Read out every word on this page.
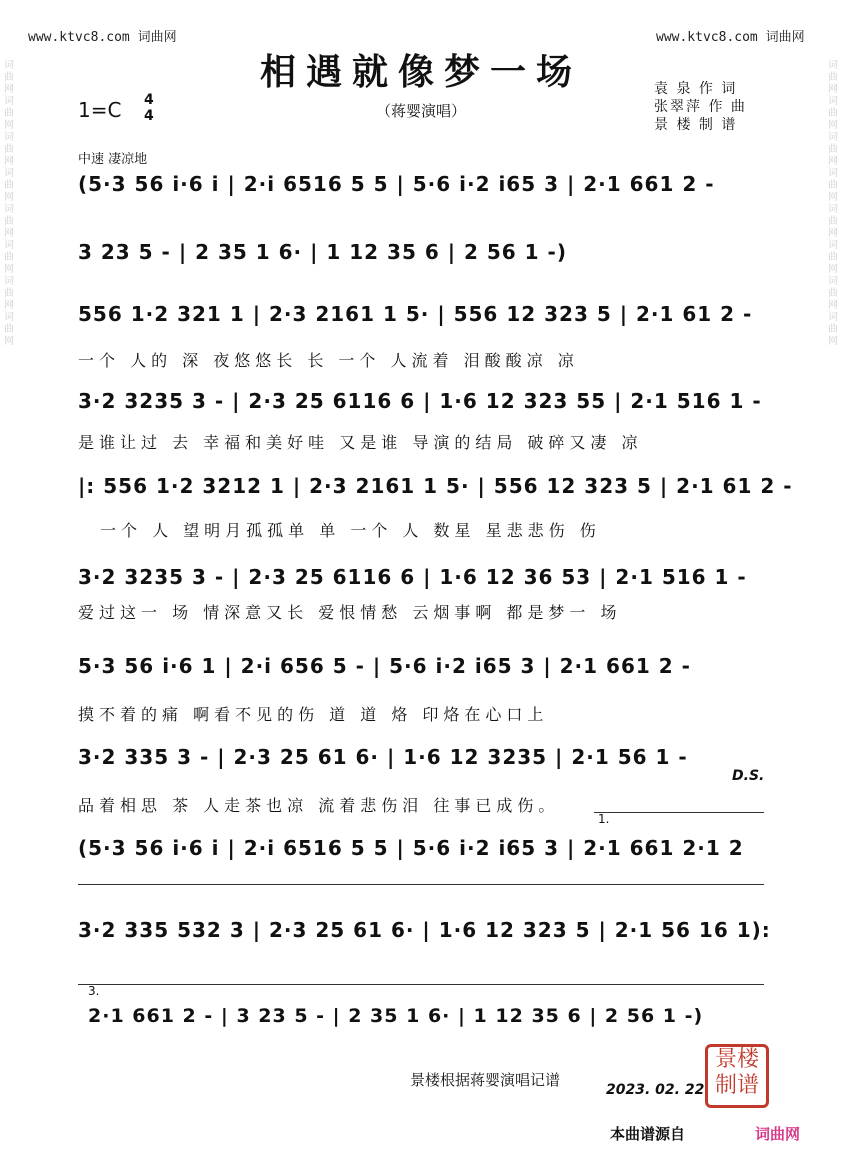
词曲网词曲网词曲网词曲网词曲网词曲网词曲网词曲网
词曲网词曲网词曲网词曲网词曲网词曲网词曲网词曲网
www.ktvc8.com 词曲网	www.ktvc8.com 词曲网
相遇就像梦一场
（蒋婴演唱）
1=C 4
4
袁 泉 作 词
张翠萍 作 曲
景 楼 制 谱
中速 凄凉地
(5·3 56 i·6 i | 2·i 6516 5 5 | 5·6 i·2 i65 3 | 2·1 661 2 -
3 23 5 - | 2 35 1 6· | 1 12 35 6 | 2 56 1 -)
556 1·2 321 1 | 2·3 2161 1 5· | 556 12 323 5 | 2·1 61 2 -
一个 人的 深 夜悠悠长 长 一个 人流着 泪酸酸凉 凉
3·2 3235 3 - | 2·3 25 6116 6 | 1·6 12 323 55 | 2·1 516 1 -
是谁让过 去 幸福和美好哇 又是谁 导演的结局 破碎又凄 凉
|: 556 1·2 3212 1 | 2·3 2161 1 5· | 556 12 323 5 | 2·1 61 2 -
一个 人 望明月孤孤单 单 一个 人 数星 星悲悲伤 伤
3·2 3235 3 - | 2·3 25 6116 6 | 1·6 12 36 53 | 2·1 516 1 -
爱过这一 场 情深意又长 爱恨情愁 云烟事啊 都是梦一 场
5·3 56 i·6 1 | 2·i 656 5 - | 5·6 i·2 i65 3 | 2·1 661 2 -
摸不着的痛 啊看不见的伤 道 道 烙 印烙在心口上
3·2 335 3 - | 2·3 25 61 6· | 1·6 12 3235 | 2·1 56 1 -
D.S.
品着相思 茶 人走茶也凉 流着悲伤泪 往事已成伤。
1.
(5·3 56 i·6 i | 2·i 6516 5 5 | 5·6 i·2 i65 3 | 2·1 661 2·1 2
3·2 335 532 3 | 2·3 25 61 6· | 1·6 12 323 5 | 2·1 56 16 1):
3.
2·1 661 2 - | 3 23 5 - | 2 35 1 6· | 1 12 35 6 | 2 56 1 -)
景楼根据蒋婴演唱记谱
2023. 02. 22
景楼制谱
本曲谱源自	词曲网
